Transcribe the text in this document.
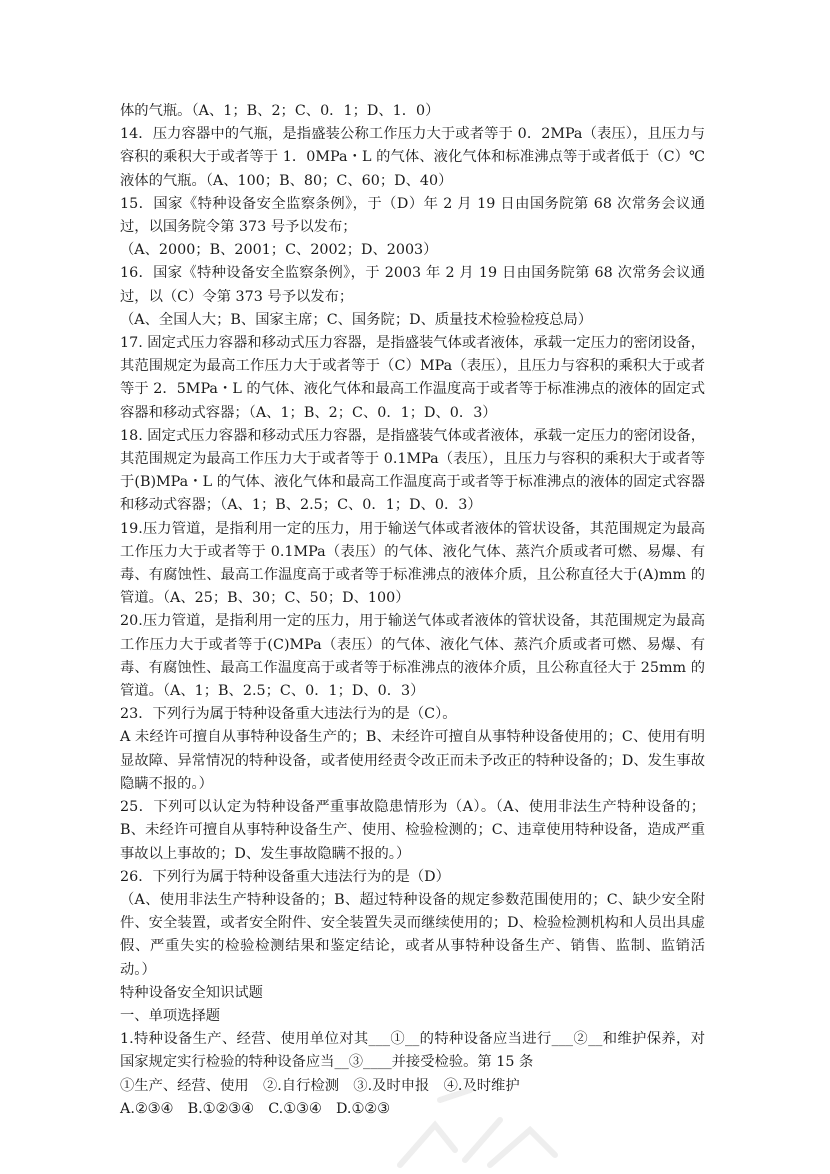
体的气瓶。（A、1；B、2；C、0．1；D、1．0）

14．压力容器中的气瓶，是指盛装公称工作压力大于或者等于 0．2MPa（表压），且压力与容积的乘积大于或者等于 1．0MPa・L 的气体、液化气体和标准沸点等于或者低于（C）℃液体的气瓶。（A、100；B、80；C、60；D、40）

15．国家《特种设备安全监察条例》，于（D）年 2 月 19 日由国务院第 68 次常务会议通过，以国务院令第 373 号予以发布；

（A、2000；B、2001；C、2002；D、2003）

16．国家《特种设备安全监察条例》，于 2003 年 2 月 19 日由国务院第 68 次常务会议通过，以（C）令第 373 号予以发布；

（A、全国人大；B、国家主席；C、国务院；D、质量技术检验检疫总局）

17. 固定式压力容器和移动式压力容器，是指盛装气体或者液体，承载一定压力的密闭设备，其范围规定为最高工作压力大于或者等于（C）MPa（表压），且压力与容积的乘积大于或者等于 2．5MPa・L 的气体、液化气体和最高工作温度高于或者等于标准沸点的液体的固定式容器和移动式容器；（A、1；B、2；C、0．1；D、0．3）

18. 固定式压力容器和移动式压力容器，是指盛装气体或者液体，承载一定压力的密闭设备，其范围规定为最高工作压力大于或者等于 0.1MPa（表压），且压力与容积的乘积大于或者等于(B)MPa・L 的气体、液化气体和最高工作温度高于或者等于标准沸点的液体的固定式容器和移动式容器；（A、1；B、2.5；C、0．1；D、0．3）

19.压力管道，是指利用一定的压力，用于输送气体或者液体的管状设备，其范围规定为最高工作压力大于或者等于 0.1MPa（表压）的气体、液化气体、蒸汽介质或者可燃、易爆、有毒、有腐蚀性、最高工作温度高于或者等于标准沸点的液体介质，且公称直径大于(A)mm 的管道。（A、25；B、30；C、50；D、100）

20.压力管道，是指利用一定的压力，用于输送气体或者液体的管状设备，其范围规定为最高工作压力大于或者等于(C)MPa（表压）的气体、液化气体、蒸汽介质或者可燃、易爆、有毒、有腐蚀性、最高工作温度高于或者等于标准沸点的液体介质，且公称直径大于 25mm 的管道。（A、1；B、2.5；C、0．1；D、0．3）

23．下列行为属于特种设备重大违法行为的是（C）。

A 未经许可擅自从事特种设备生产的；B、未经许可擅自从事特种设备使用的；C、使用有明显故障、异常情况的特种设备，或者使用经责令改正而未予改正的特种设备的；D、发生事故隐瞒不报的。）

25．下列可以认定为特种设备严重事故隐患情形为（A）。（A、使用非法生产特种设备的；B、未经许可擅自从事特种设备生产、使用、检验检测的；C、违章使用特种设备，造成严重事故以上事故的；D、发生事故隐瞒不报的。）

26．下列行为属于特种设备重大违法行为的是（D）

（A、使用非法生产特种设备的；B、超过特种设备的规定参数范围使用的；C、缺少安全附件、安全装置，或者安全附件、安全装置失灵而继续使用的；D、检验检测机构和人员出具虚假、严重失实的检验检测结果和鉴定结论，或者从事特种设备生产、销售、监制、监销活动。）

特种设备安全知识试题

一、单项选择题

1.特种设备生产、经营、使用单位对其___①__的特种设备应当进行___②__和维护保养，对国家规定实行检验的特种设备应当__③____并接受检验。第 15 条

①生产、经营、使用　②.自行检测　③.及时申报　④.及时维护

A.②③④　B.①②③④　C.①③④　D.①②③
